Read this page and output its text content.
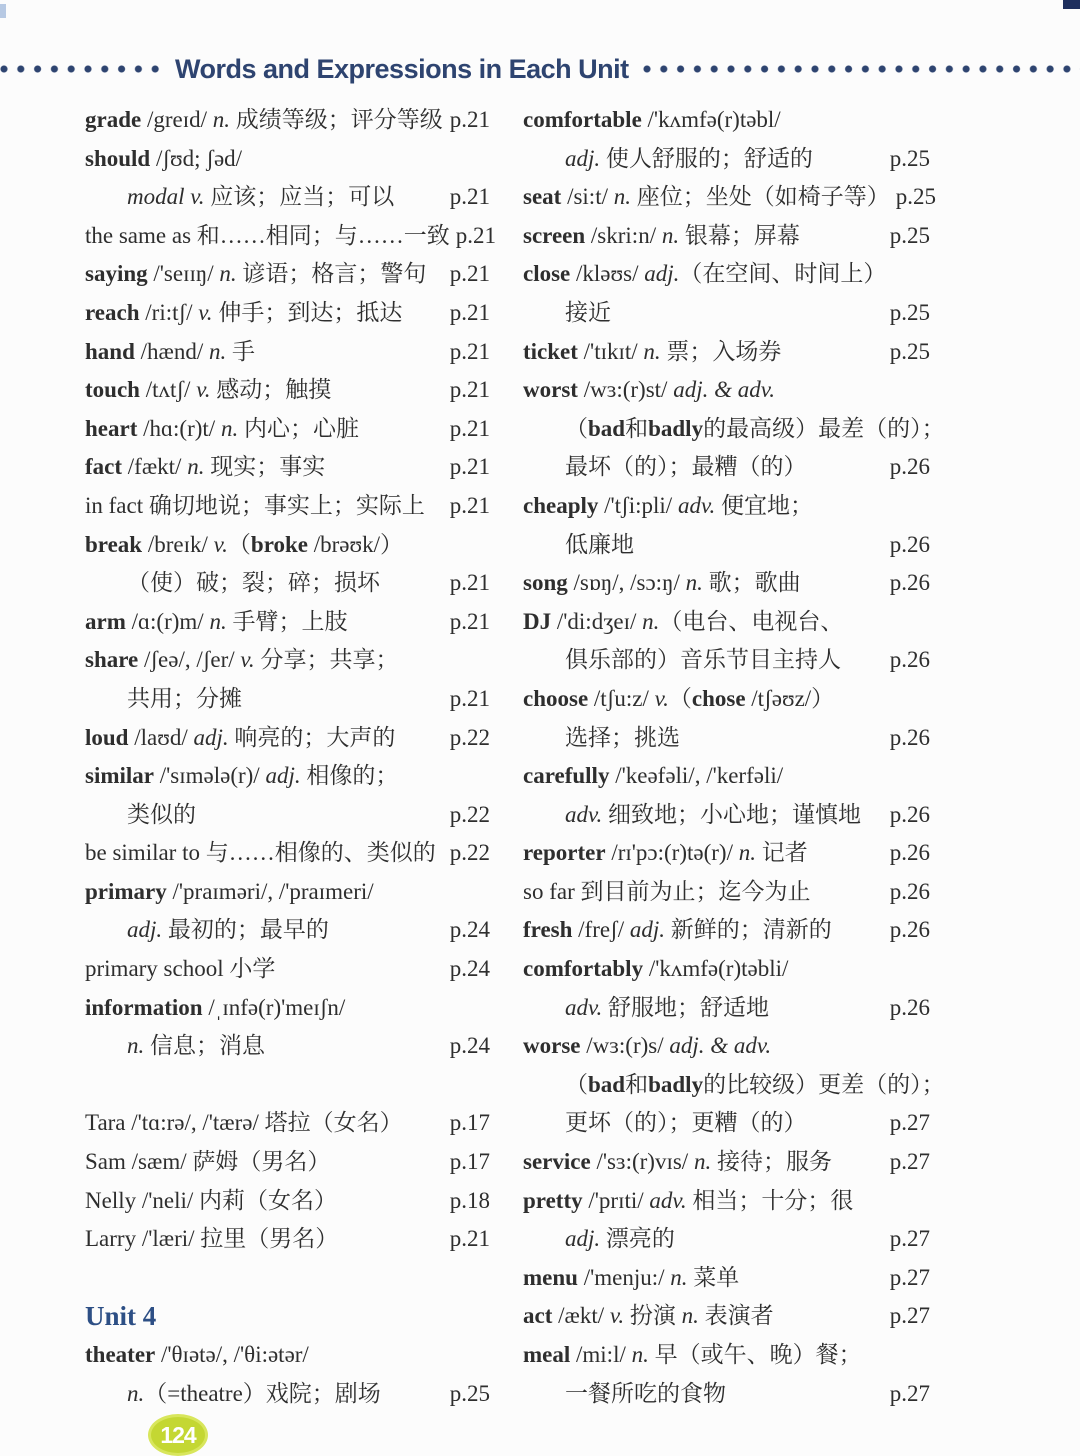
Words and Expressions in Each Unit
grade /greɪd/ n. 成绩等级；评分等级 p.21
should /ʃʊd; ʃəd/
modal v. 应该；应当；可以 p.21
the same as 和……相同；与……一致 p.21
saying /'seɪɪŋ/ n. 谚语；格言；警句 p.21
reach /ri:tʃ/ v. 伸手；到达；抵达 p.21
hand /hænd/ n. 手	p.21
touch /tʌtʃ/ v. 感动；触摸	p.21
heart /hɑ:(r)t/ n. 内心；心脏	p.21
fact /fækt/ n. 现实；事实	p.21
in fact 确切地说；事实上；实际上 p.21
break /breɪk/ v.（broke /brəʊk/）
（使）破；裂；碎；损坏	p.21
arm /ɑ:(r)m/ n. 手臂；上肢	p.21
share /ʃeə/, /ʃer/ v. 分享；共享；
共用；分摊	p.21
loud /laʊd/ adj. 响亮的；大声的 p.22
similar /'sɪmələ(r)/ adj. 相像的；
类似的	p.22
be similar to 与……相像的、类似的 p.22
primary /'praɪməri/, /'praɪmeri/
adj. 最初的；最早的	p.24
primary school 小学	p.24
information /ˌɪnfə(r)'meɪʃn/
n. 信息；消息	p.24
Tara /'tɑ:rə/, /'tærə/ 塔拉（女名） p.17
Sam /sæm/ 萨姆（男名）	p.17
Nelly /'neli/ 内莉（女名）	p.18
Larry /'læri/ 拉里（男名）	p.21
Unit 4
theater /'θɪətə/, /'θi:ətər/
n.（=theatre）戏院；剧场	p.25
comfortable /'kʌmfə(r)təbl/
adj. 使人舒服的；舒适的	p.25
seat /si:t/ n. 座位；坐处（如椅子等） p.25
screen /skri:n/ n. 银幕；屏幕	p.25
close /kləʊs/ adj.（在空间、时间上）
接近	p.25
ticket /'tɪkɪt/ n. 票；入场券	p.25
worst /wɜ:(r)st/ adj. & adv.
（bad和badly的最高级）最差（的）；
最坏（的）；最糟（的）	p.26
cheaply /'tʃi:pli/ adv. 便宜地；
低廉地	p.26
song /sɒŋ/, /sɔ:ŋ/ n. 歌；歌曲	p.26
DJ /'di:dʒeɪ/ n.（电台、电视台、
俱乐部的）音乐节目主持人 p.26
choose /tʃu:z/ v.（chose /tʃəʊz/）
选择；挑选	p.26
carefully /'keəfəli/, /'kerfəli/
adv. 细致地；小心地；谨慎地 p.26
reporter /rɪ'pɔ:(r)tə(r)/ n. 记者	p.26
so far 到目前为止；迄今为止	p.26
fresh /freʃ/ adj. 新鲜的；清新的	p.26
comfortably /'kʌmfə(r)təbli/
adv. 舒服地；舒适地	p.26
worse /wɜ:(r)s/ adj. & adv.
（bad和badly的比较级）更差（的）；
更坏（的）；更糟（的）	p.27
service /'sɜ:(r)vɪs/ n. 接待；服务	p.27
pretty /'prɪti/ adv. 相当；十分；很
adj. 漂亮的	p.27
menu /'menju:/ n. 菜单	p.27
act /ækt/ v. 扮演 n. 表演者	p.27
meal /mi:l/ n. 早（或午、晚）餐；
一餐所吃的食物	p.27
124
